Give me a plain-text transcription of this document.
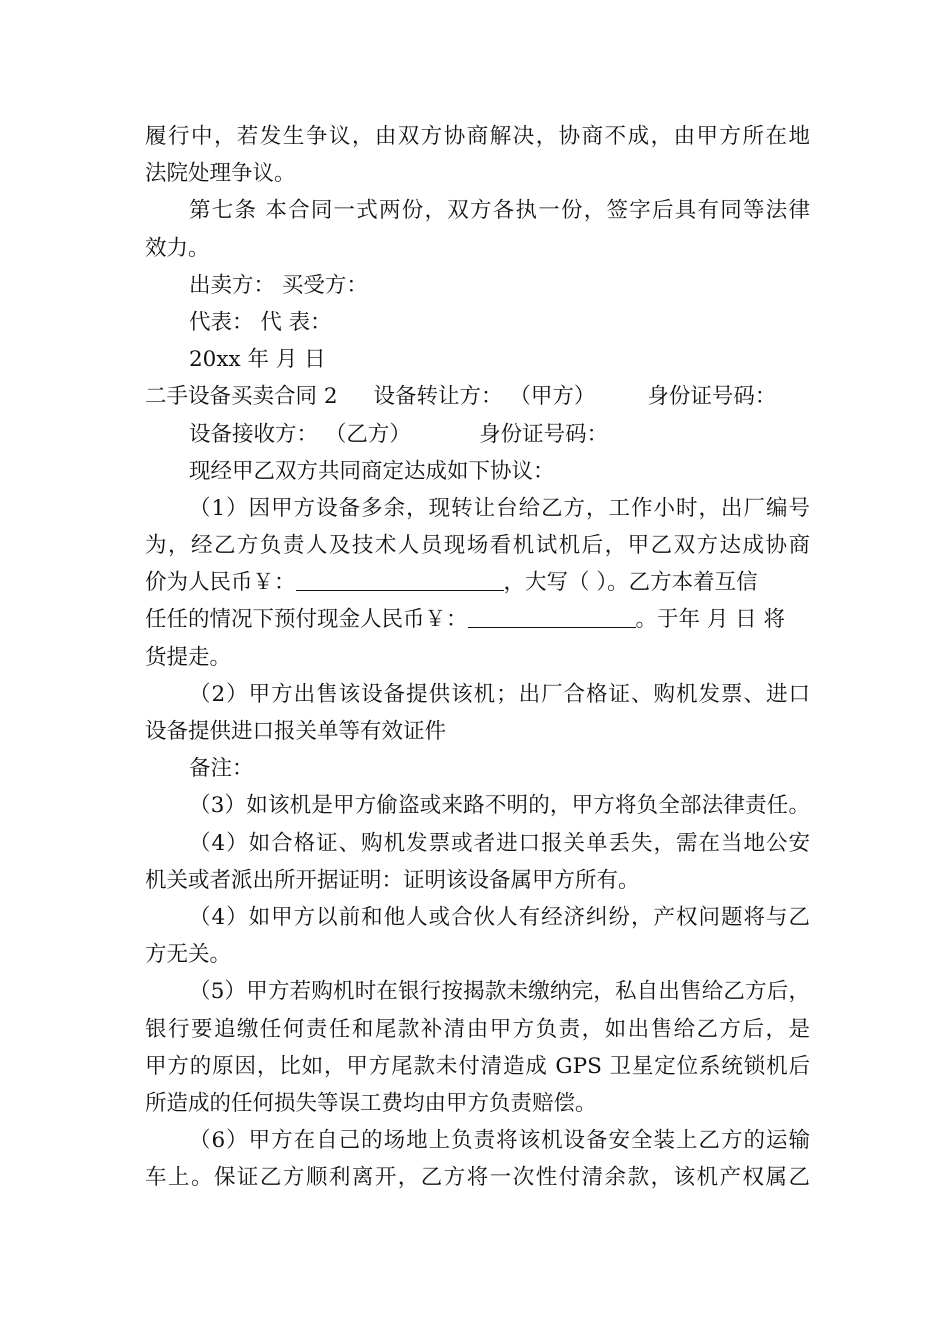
履行中，若发生争议，由双方协商解决，协商不成，由甲方所在地
法院处理争议。
第七条 本合同一式两份，双方各执一份，签字后具有同等法律
效力。
出卖方： 买受方：
代表： 代 表：
20xx 年 月 日
二手设备买卖合同 2 设备转让方： （甲方） 身份证号码：
设备接收方： （乙方）          身份证号码：
现经甲乙双方共同商定达成如下协议：
（1）因甲方设备多余，现转让台给乙方，工作小时，出厂编号
为，经乙方负责人及技术人员现场看机试机后，甲乙双方达成协商
价为人民币￥：	，大写（ ）。乙方本着互信
任任的情况下预付现金人民币￥：	。于年 月 日 将
货提走。
（2）甲方出售该设备提供该机；出厂合格证、购机发票、进口
设备提供进口报关单等有效证件
备注：
（3）如该机是甲方偷盗或来路不明的，甲方将负全部法律责任。
（4）如合格证、购机发票或者进口报关单丢失，需在当地公安
机关或者派出所开据证明：证明该设备属甲方所有。
（4）如甲方以前和他人或合伙人有经济纠纷，产权问题将与乙
方无关。
（5）甲方若购机时在银行按揭款未缴纳完，私自出售给乙方后，
银行要追缴任何责任和尾款补清由甲方负责，如出售给乙方后，是
甲方的原因，比如，甲方尾款未付清造成 GPS 卫星定位系统锁机后
所造成的任何损失等误工费均由甲方负责赔偿。
（6）甲方在自己的场地上负责将该机设备安全装上乙方的运输
车上。保证乙方顺利离开，乙方将一次性付清余款，该机产权属乙
